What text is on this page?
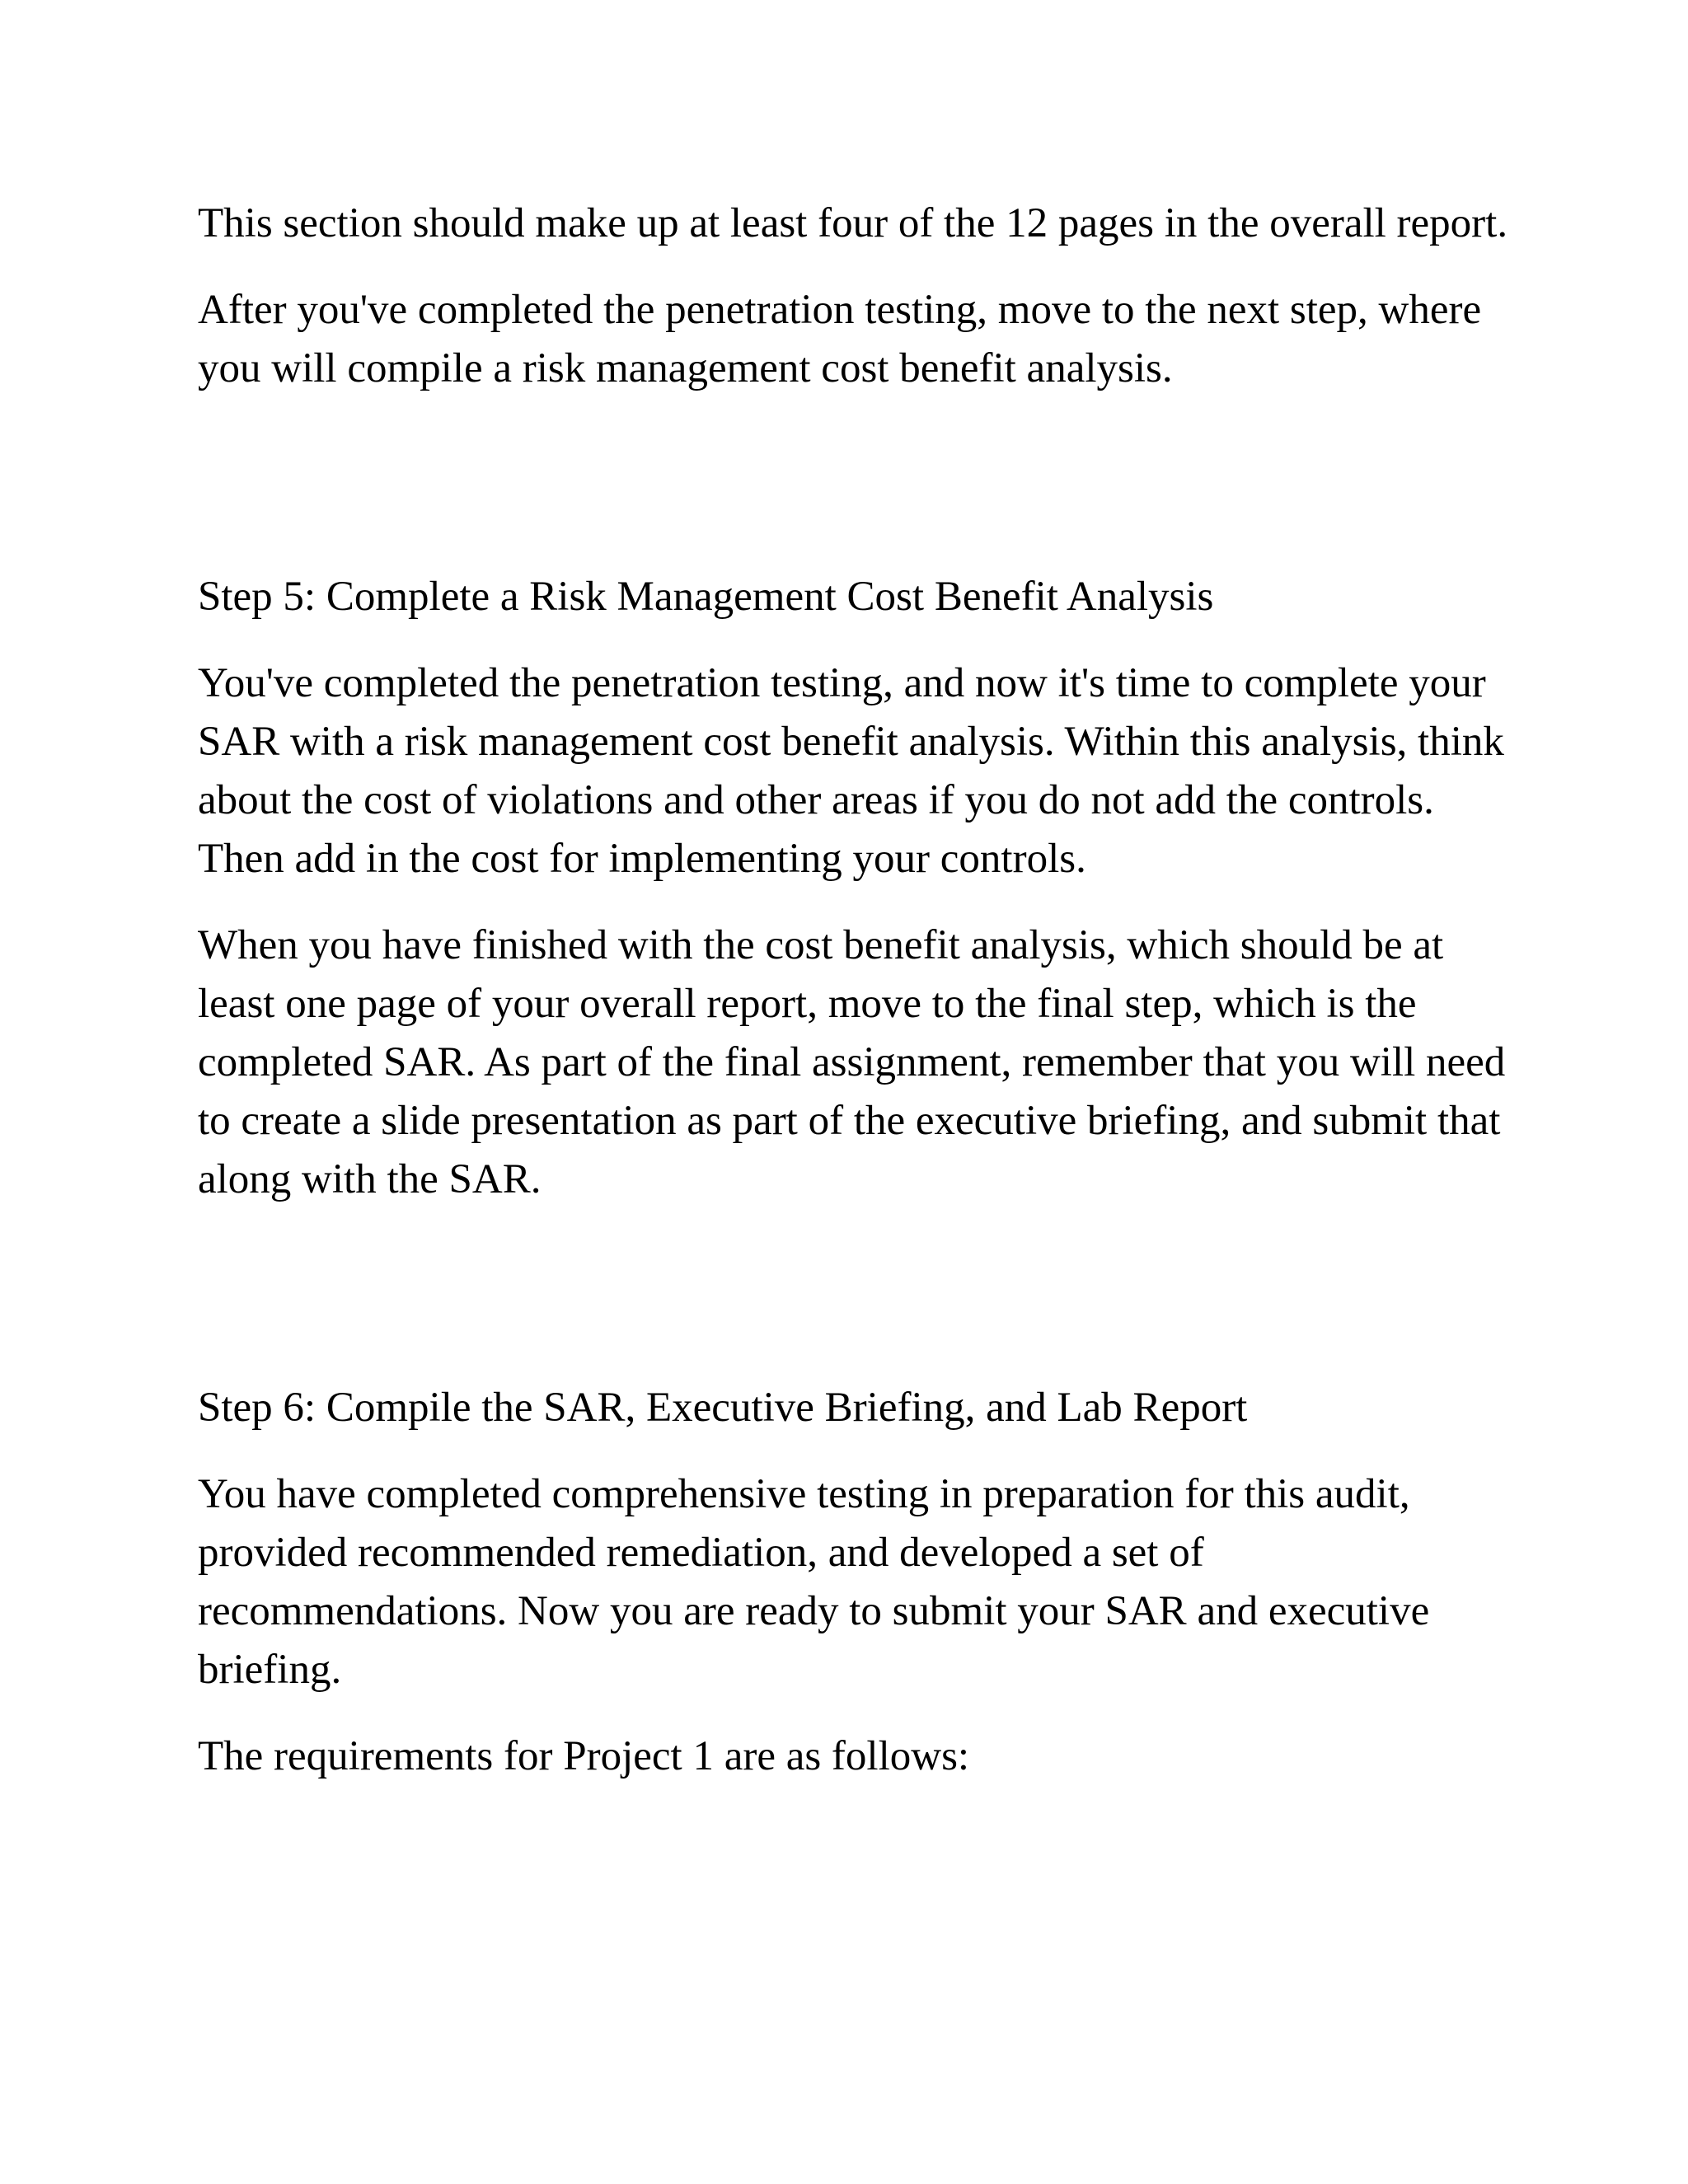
This section should make up at least four of the 12 pages in the overall report.

After you've completed the penetration testing, move to the next step, where you will compile a risk management cost benefit analysis.

Step 5: Complete a Risk Management Cost Benefit Analysis

You've completed the penetration testing, and now it's time to complete your SAR with a risk management cost benefit analysis. Within this analysis, think about the cost of violations and other areas if you do not add the controls. Then add in the cost for implementing your controls.

When you have finished with the cost benefit analysis, which should be at least one page of your overall report, move to the final step, which is the completed SAR. As part of the final assignment, remember that you will need to create a slide presentation as part of the executive briefing, and submit that along with the SAR.

Step 6: Compile the SAR, Executive Briefing, and Lab Report

You have completed comprehensive testing in preparation for this audit, provided recommended remediation, and developed a set of recommendations. Now you are ready to submit your SAR and executive briefing.

The requirements for Project 1 are as follows:
